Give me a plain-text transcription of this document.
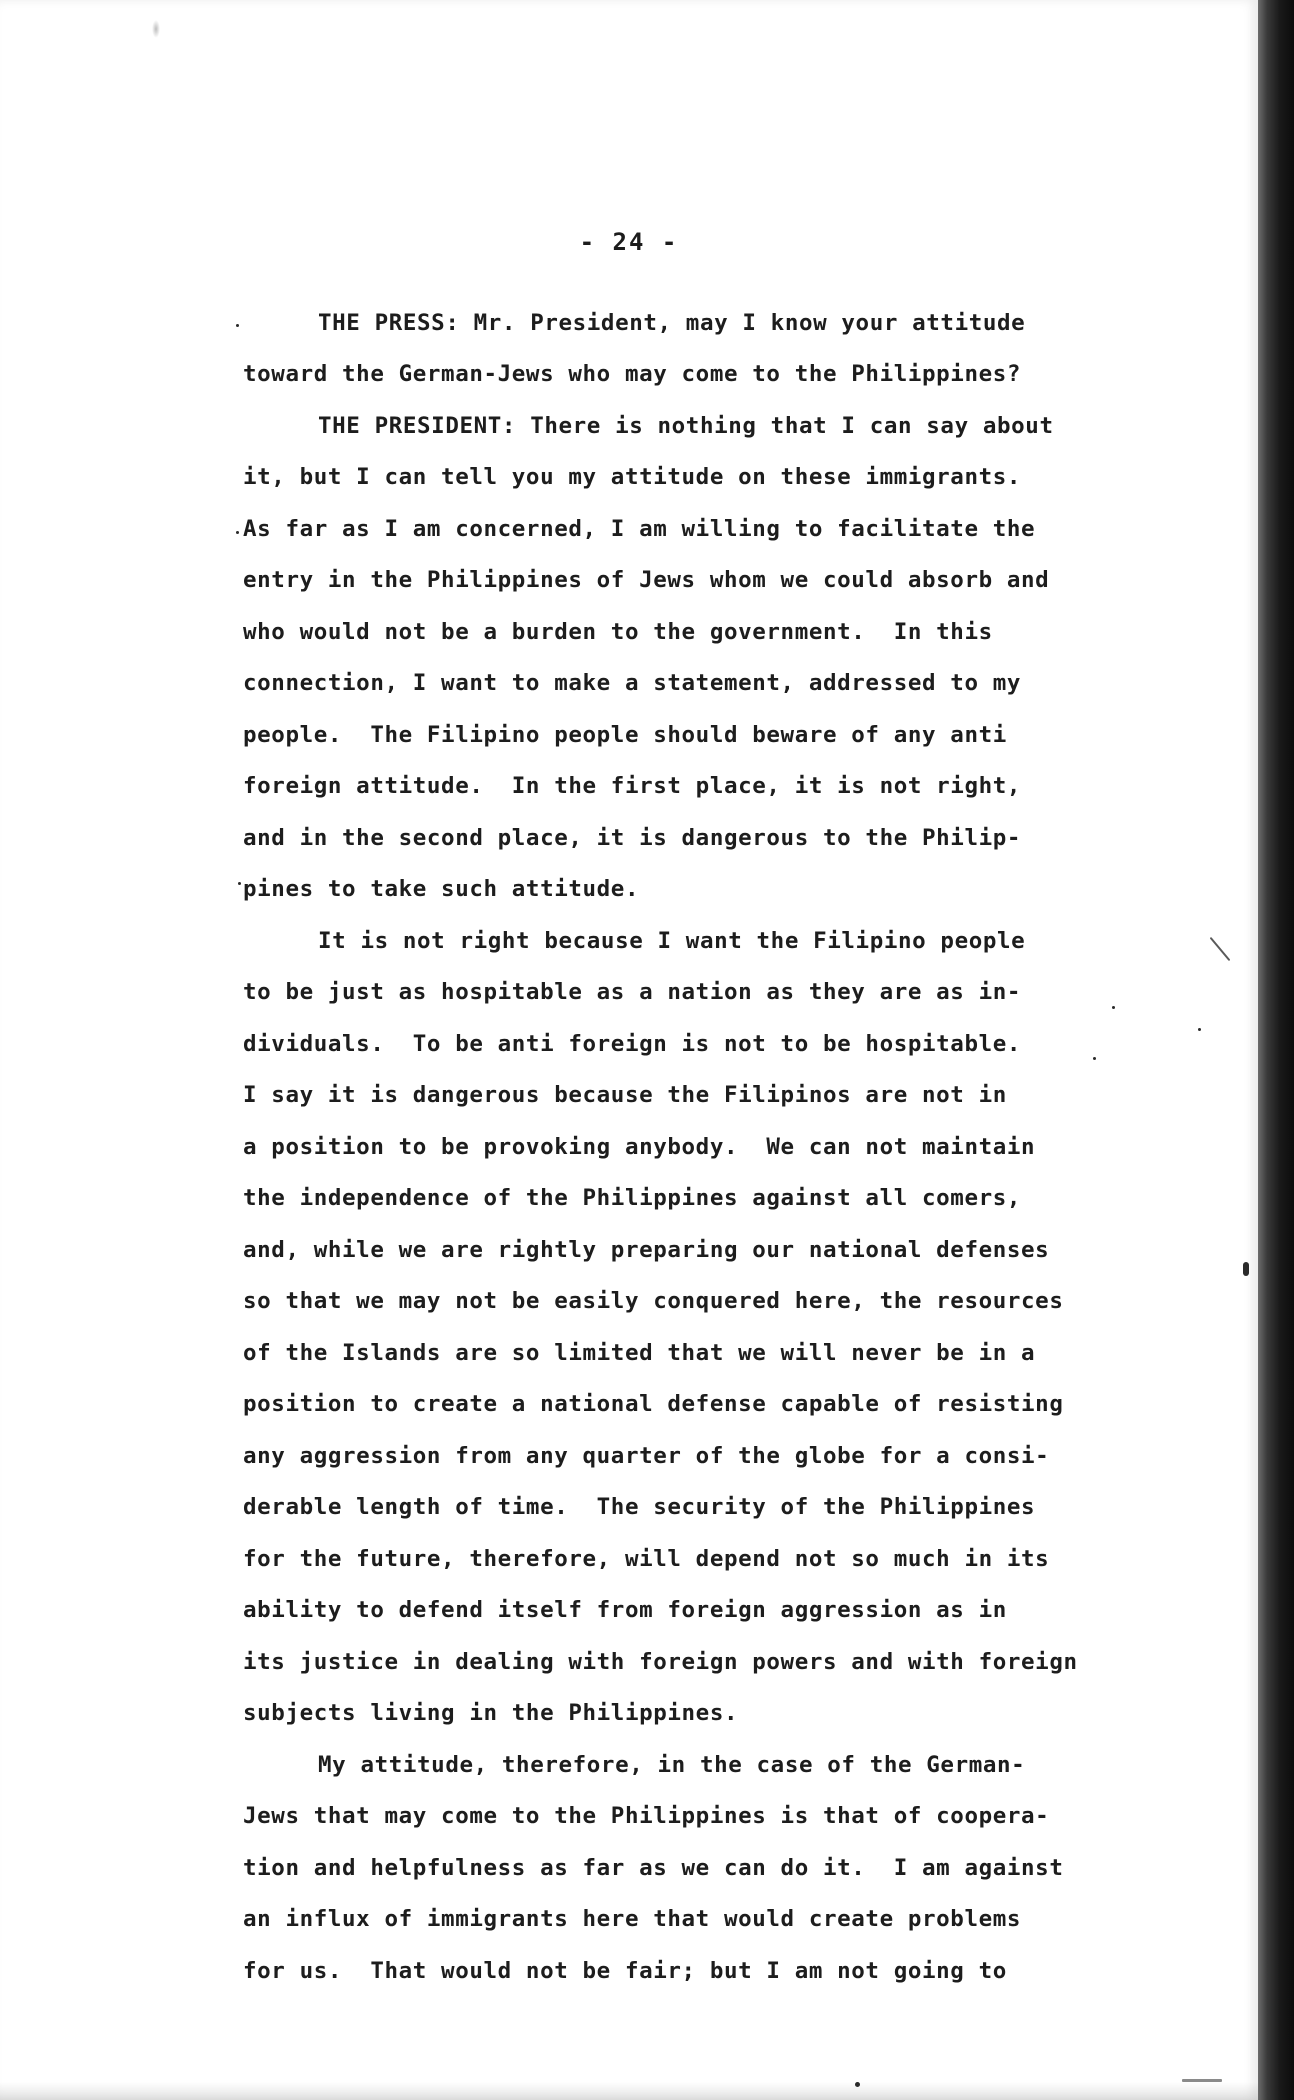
- 24 -
THE PRESS: Mr. President, may I know your attitude
toward the German-Jews who may come to the Philippines?
THE PRESIDENT: There is nothing that I can say about
it, but I can tell you my attitude on these immigrants.
As far as I am concerned, I am willing to facilitate the
entry in the Philippines of Jews whom we could absorb and
who would not be a burden to the government.  In this
connection, I want to make a statement, addressed to my
people.  The Filipino people should beware of any anti
foreign attitude.  In the first place, it is not right,
and in the second place, it is dangerous to the Philip-
pines to take such attitude.
It is not right because I want the Filipino people
to be just as hospitable as a nation as they are as in-
dividuals.  To be anti foreign is not to be hospitable.
I say it is dangerous because the Filipinos are not in
a position to be provoking anybody.  We can not maintain
the independence of the Philippines against all comers,
and, while we are rightly preparing our national defenses
so that we may not be easily conquered here, the resources
of the Islands are so limited that we will never be in a
position to create a national defense capable of resisting
any aggression from any quarter of the globe for a consi-
derable length of time.  The security of the Philippines
for the future, therefore, will depend not so much in its
ability to defend itself from foreign aggression as in
its justice in dealing with foreign powers and with foreign
subjects living in the Philippines.
My attitude, therefore, in the case of the German-
Jews that may come to the Philippines is that of coopera-
tion and helpfulness as far as we can do it.  I am against
an influx of immigrants here that would create problems
for us.  That would not be fair; but I am not going to
